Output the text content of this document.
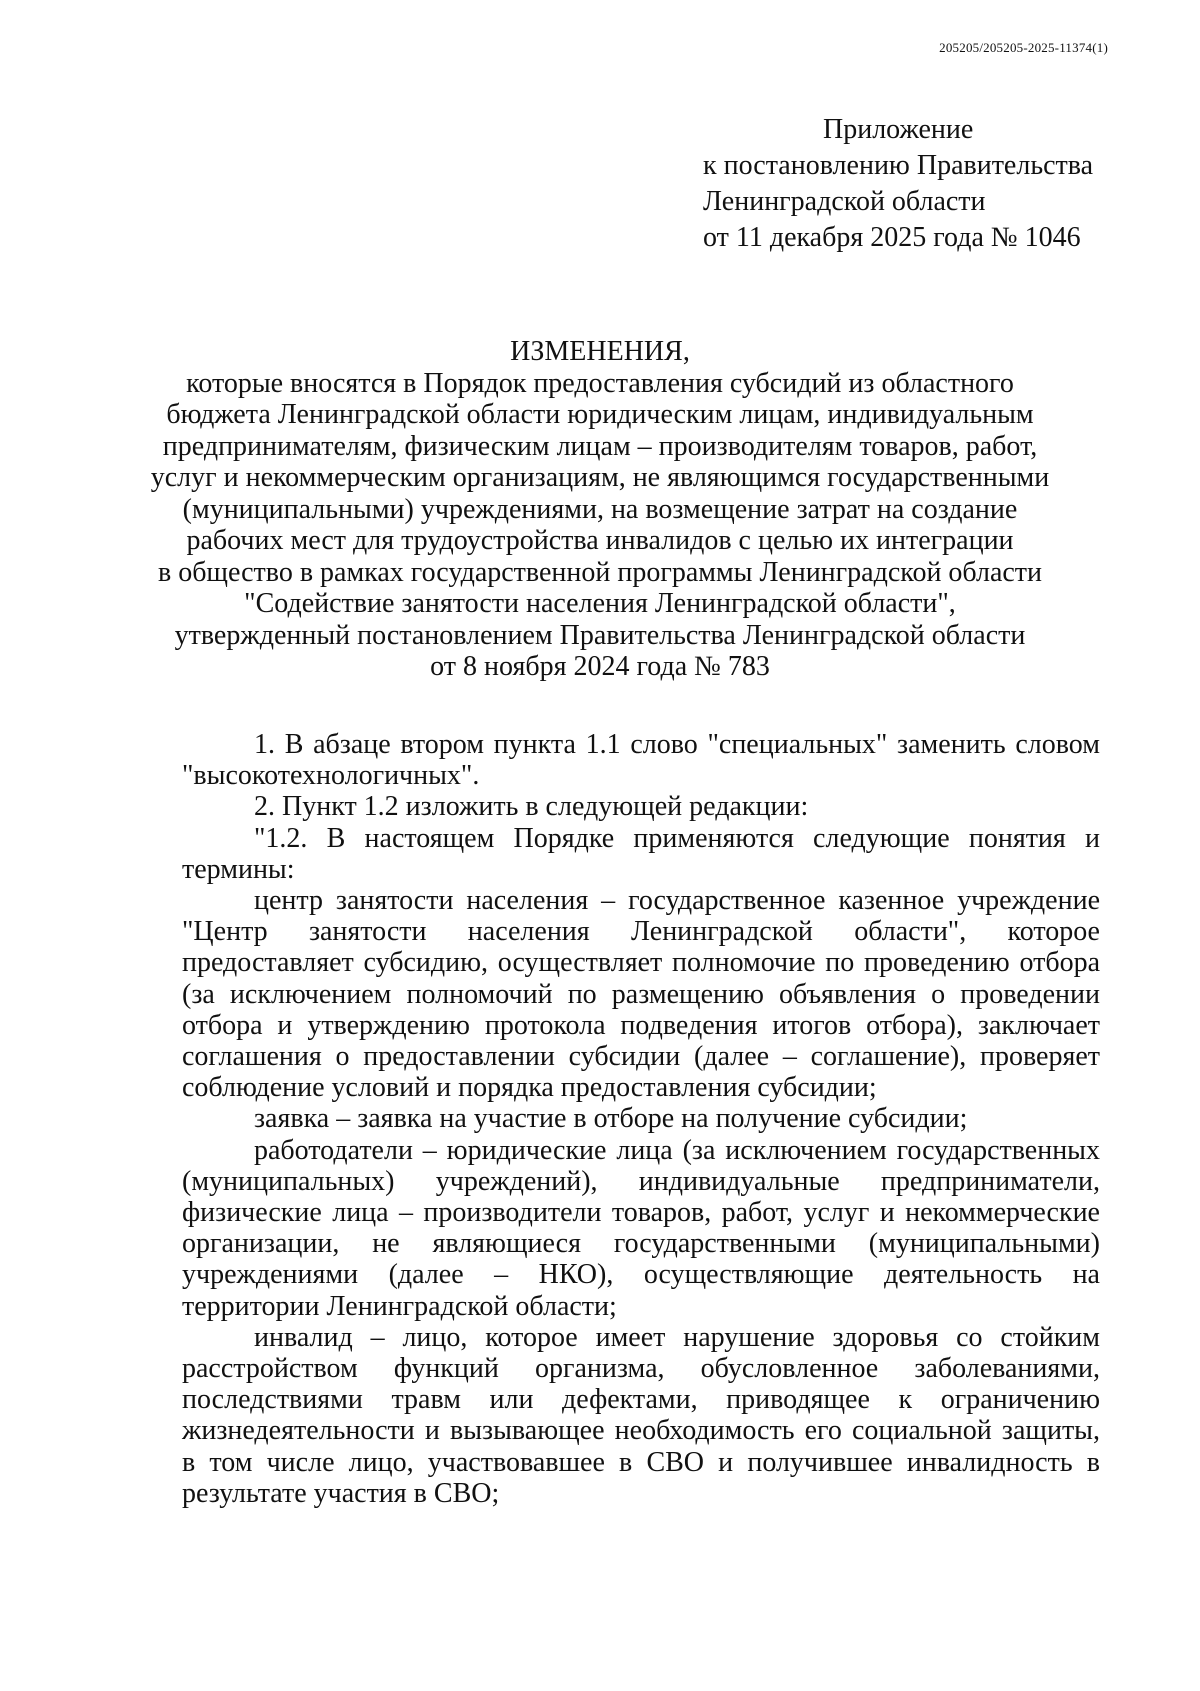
205205/205205-2025-11374(1)
Приложение
к постановлению Правительства
Ленинградской области
от 11 декабря 2025 года № 1046
ИЗМЕНЕНИЯ,
которые вносятся в Порядок предоставления субсидий из областного
бюджета Ленинградской области юридическим лицам, индивидуальным
предпринимателям, физическим лицам – производителям товаров, работ,
услуг и некоммерческим организациям, не являющимся государственными
(муниципальными) учреждениями, на возмещение затрат на создание
рабочих мест для трудоустройства инвалидов с целью их интеграции
в общество в рамках государственной программы Ленинградской области
"Содействие занятости населения Ленинградской области",
утвержденный постановлением Правительства Ленинградской области
от 8 ноября 2024 года № 783

1. В абзаце втором пункта 1.1 слово "специальных" заменить словом "высокотехнологичных".

2. Пункт 1.2 изложить в следующей редакции:

"1.2. В настоящем Порядке применяются следующие понятия и термины:

центр занятости населения – государственное казенное учреждение "Центр занятости населения Ленинградской области", которое предоставляет субсидию, осуществляет полномочие по проведению отбора (за исключением полномочий по размещению объявления о проведении отбора и утверждению протокола подведения итогов отбора), заключает соглашения о предоставлении субсидии (далее – соглашение), проверяет соблюдение условий и порядка предоставления субсидии;

заявка – заявка на участие в отборе на получение субсидии;

работодатели – юридические лица (за исключением государственных (муниципальных) учреждений), индивидуальные предприниматели, физические лица – производители товаров, работ, услуг и некоммерческие организации, не являющиеся государственными (муниципальными) учреждениями (далее – НКО), осуществляющие деятельность на территории Ленинградской области;

инвалид – лицо, которое имеет нарушение здоровья со стойким расстройством функций организма, обусловленное заболеваниями, последствиями травм или дефектами, приводящее к ограничению жизнедеятельности и вызывающее необходимость его социальной защиты, в том числе лицо, участвовавшее в СВО и получившее инвалидность в результате участия в СВО;
